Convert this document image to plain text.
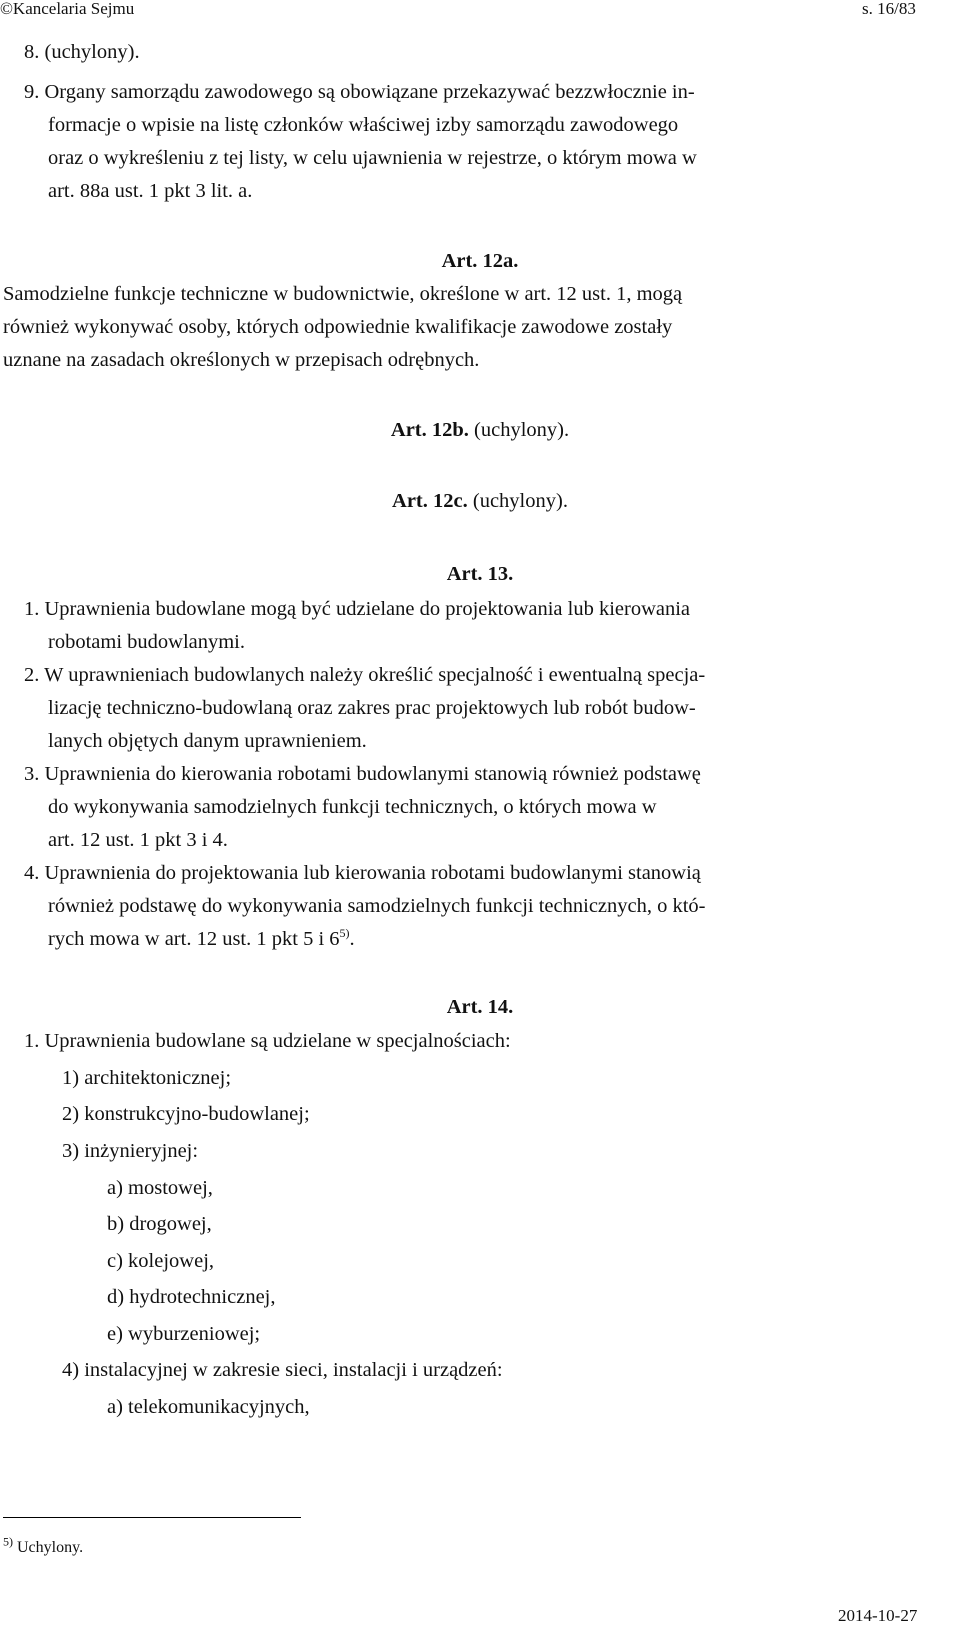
©Kancelaria Sejmu	s. 16/83
8. (uchylony).
9. Organy samorządu zawodowego są obowiązane przekazywać bezzwłocznie in-
formacje o wpisie na listę członków właściwej izby samorządu zawodowego
oraz o wykreśleniu z tej listy, w celu ujawnienia w rejestrze, o którym mowa w
art. 88a ust. 1 pkt 3 lit. a.
Art. 12a.
Samodzielne funkcje techniczne w budownictwie, określone w art. 12 ust. 1, mogą
również wykonywać osoby, których odpowiednie kwalifikacje zawodowe zostały
uznane na zasadach określonych w przepisach odrębnych.
Art. 12b. (uchylony).
Art. 12c. (uchylony).
Art. 13.
1. Uprawnienia budowlane mogą być udzielane do projektowania lub kierowania
robotami budowlanymi.
2. W uprawnieniach budowlanych należy określić specjalność i ewentualną specja-
lizację techniczno-budowlaną oraz zakres prac projektowych lub robót budow-
lanych objętych danym uprawnieniem.
3. Uprawnienia do kierowania robotami budowlanymi stanowią również podstawę
do wykonywania samodzielnych funkcji technicznych, o których mowa w
art. 12 ust. 1 pkt 3 i 4.
4. Uprawnienia do projektowania lub kierowania robotami budowlanymi stanowią
również podstawę do wykonywania samodzielnych funkcji technicznych, o któ-
rych mowa w art. 12 ust. 1 pkt 5 i 6$^{5)}$.
Art. 14.
1. Uprawnienia budowlane są udzielane w specjalnościach:
1) architektonicznej;
2) konstrukcyjno-budowlanej;
3) inżynieryjnej:
a) mostowej,
b) drogowej,
c) kolejowej,
d) hydrotechnicznej,
e) wyburzeniowej;
4) instalacyjnej w zakresie sieci, instalacji i urządzeń:
a) telekomunikacyjnych,
$^{5)}$ Uchylony.
2014-10-27
